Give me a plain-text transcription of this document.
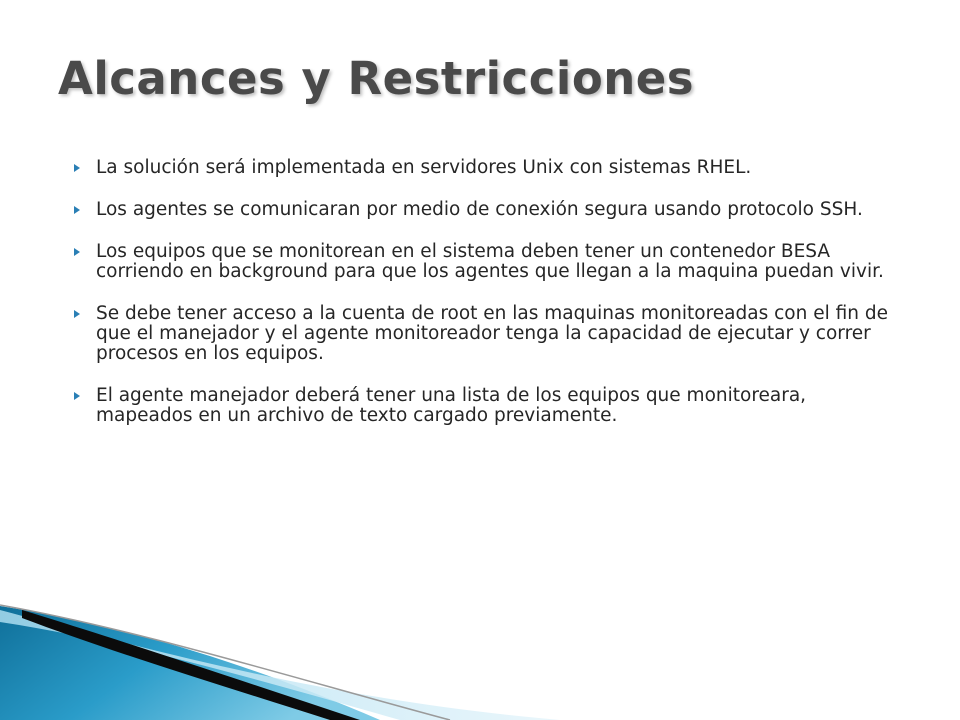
Alcances y Restricciones
La solución será implementada en servidores Unix con sistemas RHEL.
Los agentes se comunicaran por medio de conexión segura usando protocolo SSH.
Los equipos que se monitorean en el sistema deben tener un contenedor BESA corriendo en background para que los agentes que llegan a la maquina puedan vivir.
Se debe tener acceso a la cuenta de root en las maquinas monitoreadas con el fin de que el manejador y el agente monitoreador tenga la capacidad de ejecutar y correr procesos en los equipos.
El agente manejador deberá tener una lista de los equipos que monitoreara, mapeados en un archivo de texto cargado previamente.
